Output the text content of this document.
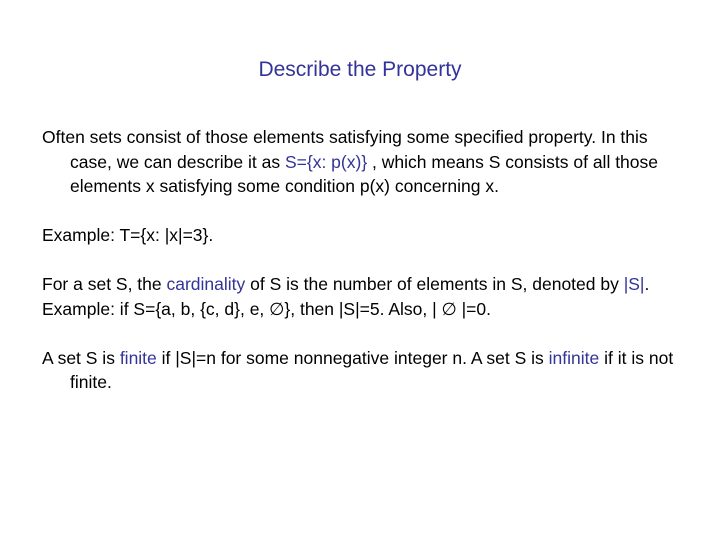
Describe the Property

Often sets consist of those elements satisfying some specified property. In this case, we can describe it as S={x: p(x)} , which means S consists of all those elements x satisfying some condition p(x) concerning x.

Example: T={x: |x|=3}.

For a set S, the cardinality of S is the number of elements in S, denoted by |S|.

Example: if S={a, b, {c, d}, e, ∅}, then |S|=5. Also, | ∅ |=0.

A set S is finite if |S|=n for some nonnegative integer n. A set S is infinite if it is not finite.
